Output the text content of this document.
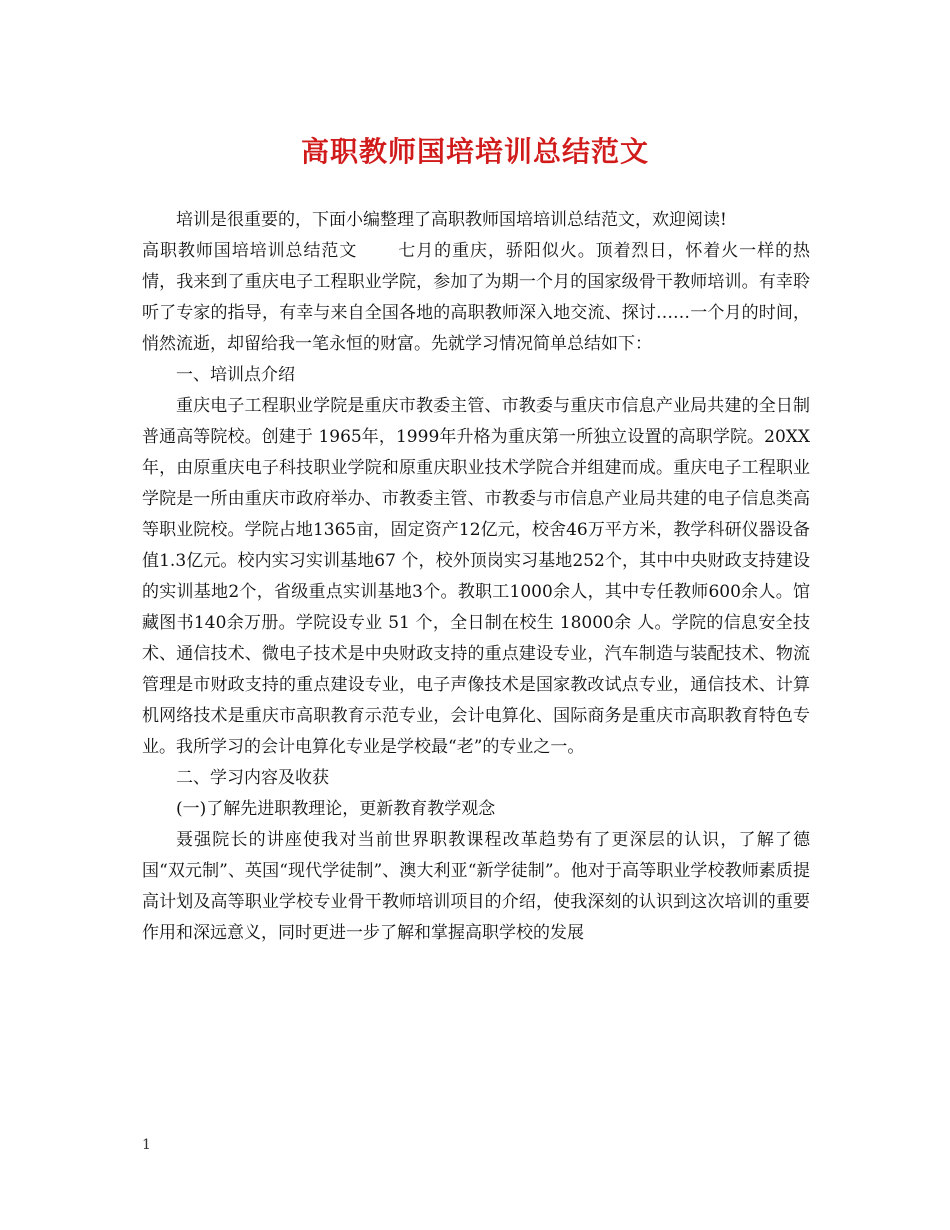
高职教师国培培训总结范文

培训是很重要的，下面小编整理了高职教师国培培训总结范文，欢迎阅读!

高职教师国培培训总结范文 七月的重庆，骄阳似火。顶着烈日，怀着火一样的热情，我来到了重庆电子工程职业学院，参加了为期一个月的国家级骨干教师培训。有幸聆听了专家的指导，有幸与来自全国各地的高职教师深入地交流、探讨……一个月的时间，悄然流逝，却留给我一笔永恒的财富。先就学习情况简单总结如下：

一、培训点介绍

重庆电子工程职业学院是重庆市教委主管、市教委与重庆市信息产业局共建的全日制普通高等院校。创建于 1965年，1999年升格为重庆第一所独立设置的高职学院。20XX年，由原重庆电子科技职业学院和原重庆职业技术学院合并组建而成。重庆电子工程职业学院是一所由重庆市政府举办、市教委主管、市教委与市信息产业局共建的电子信息类高等职业院校。学院占地1365亩，固定资产12亿元，校舍46万平方米，教学科研仪器设备值1.3亿元。校内实习实训基地67 个，校外顶岗实习基地252个，其中中央财政支持建设的实训基地2个，省级重点实训基地3个。教职工1000余人，其中专任教师600余人。馆藏图书140余万册。学院设专业 51 个，全日制在校生 18000余 人。学院的信息安全技术、通信技术、微电子技术是中央财政支持的重点建设专业，汽车制造与装配技术、物流管理是市财政支持的重点建设专业，电子声像技术是国家教改试点专业，通信技术、计算机网络技术是重庆市高职教育示范专业，会计电算化、国际商务是重庆市高职教育特色专业。我所学习的会计电算化专业是学校最“老”的专业之一。

二、学习内容及收获

(一)了解先进职教理论，更新教育教学观念

聂强院长的讲座使我对当前世界职教课程改革趋势有了更深层的认识，了解了德国“双元制”、英国“现代学徒制”、澳大利亚“新学徒制”。他对于高等职业学校教师素质提高计划及高等职业学校专业骨干教师培训项目的介绍，使我深刻的认识到这次培训的重要作用和深远意义，同时更进一步了解和掌握高职学校的发展

1
